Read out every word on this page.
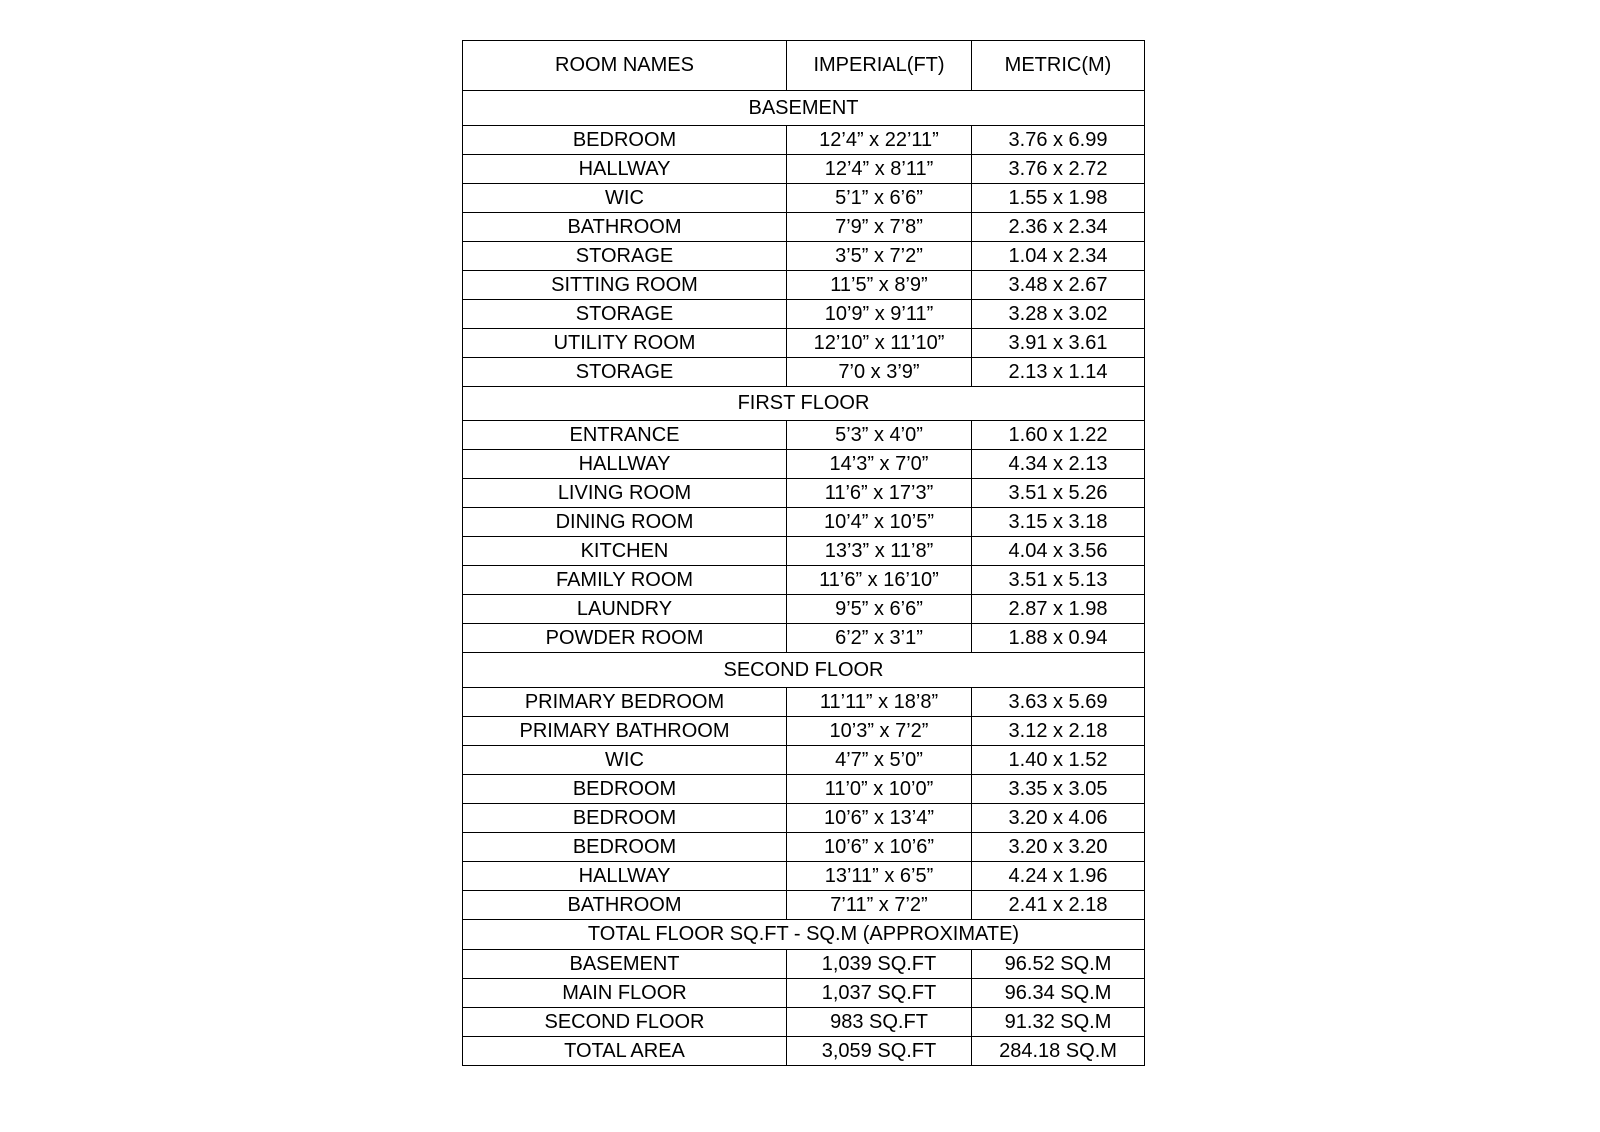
ROOM NAMES	IMPERIAL(FT)	METRIC(M)
BASEMENT		
BEDROOM	12’4” x 22’11”	3.76 x 6.99
HALLWAY	12’4” x 8’11”	3.76 x 2.72
WIC	5’1” x 6’6”	1.55 x 1.98
BATHROOM	7’9” x 7’8”	2.36 x 2.34
STORAGE	3’5” x 7’2”	1.04 x 2.34
SITTING ROOM	11’5” x 8’9”	3.48 x 2.67
STORAGE	10’9” x 9’11”	3.28 x 3.02
UTILITY ROOM	12’10” x 11’10”	3.91 x 3.61
STORAGE	7’0 x 3’9”	2.13 x 1.14
FIRST FLOOR		
ENTRANCE	5’3” x 4’0”	1.60 x 1.22
HALLWAY	14’3” x 7’0”	4.34 x 2.13
LIVING ROOM	11’6” x 17’3”	3.51 x 5.26
DINING ROOM	10’4” x 10’5”	3.15 x 3.18
KITCHEN	13’3” x 11’8”	4.04 x 3.56
FAMILY ROOM	11’6” x 16’10”	3.51 x 5.13
LAUNDRY	9’5” x 6’6”	2.87 x 1.98
POWDER ROOM	6’2” x 3’1”	1.88 x 0.94
SECOND FLOOR		
PRIMARY BEDROOM	11’11” x 18’8”	3.63 x 5.69
PRIMARY BATHROOM	10’3” x 7’2”	3.12 x 2.18
WIC	4’7” x 5’0”	1.40 x 1.52
BEDROOM	11’0” x 10’0”	3.35 x 3.05
BEDROOM	10’6” x 13’4”	3.20 x 4.06
BEDROOM	10’6” x 10’6”	3.20 x 3.20
HALLWAY	13’11” x 6’5”	4.24 x 1.96
BATHROOM	7’11” x 7’2”	2.41 x 2.18
TOTAL FLOOR SQ.FT - SQ.M (APPROXIMATE)		
BASEMENT	1,039 SQ.FT	96.52 SQ.M
MAIN FLOOR	1,037 SQ.FT	96.34 SQ.M
SECOND FLOOR	983 SQ.FT	91.32 SQ.M
TOTAL AREA	3,059 SQ.FT	284.18 SQ.M
